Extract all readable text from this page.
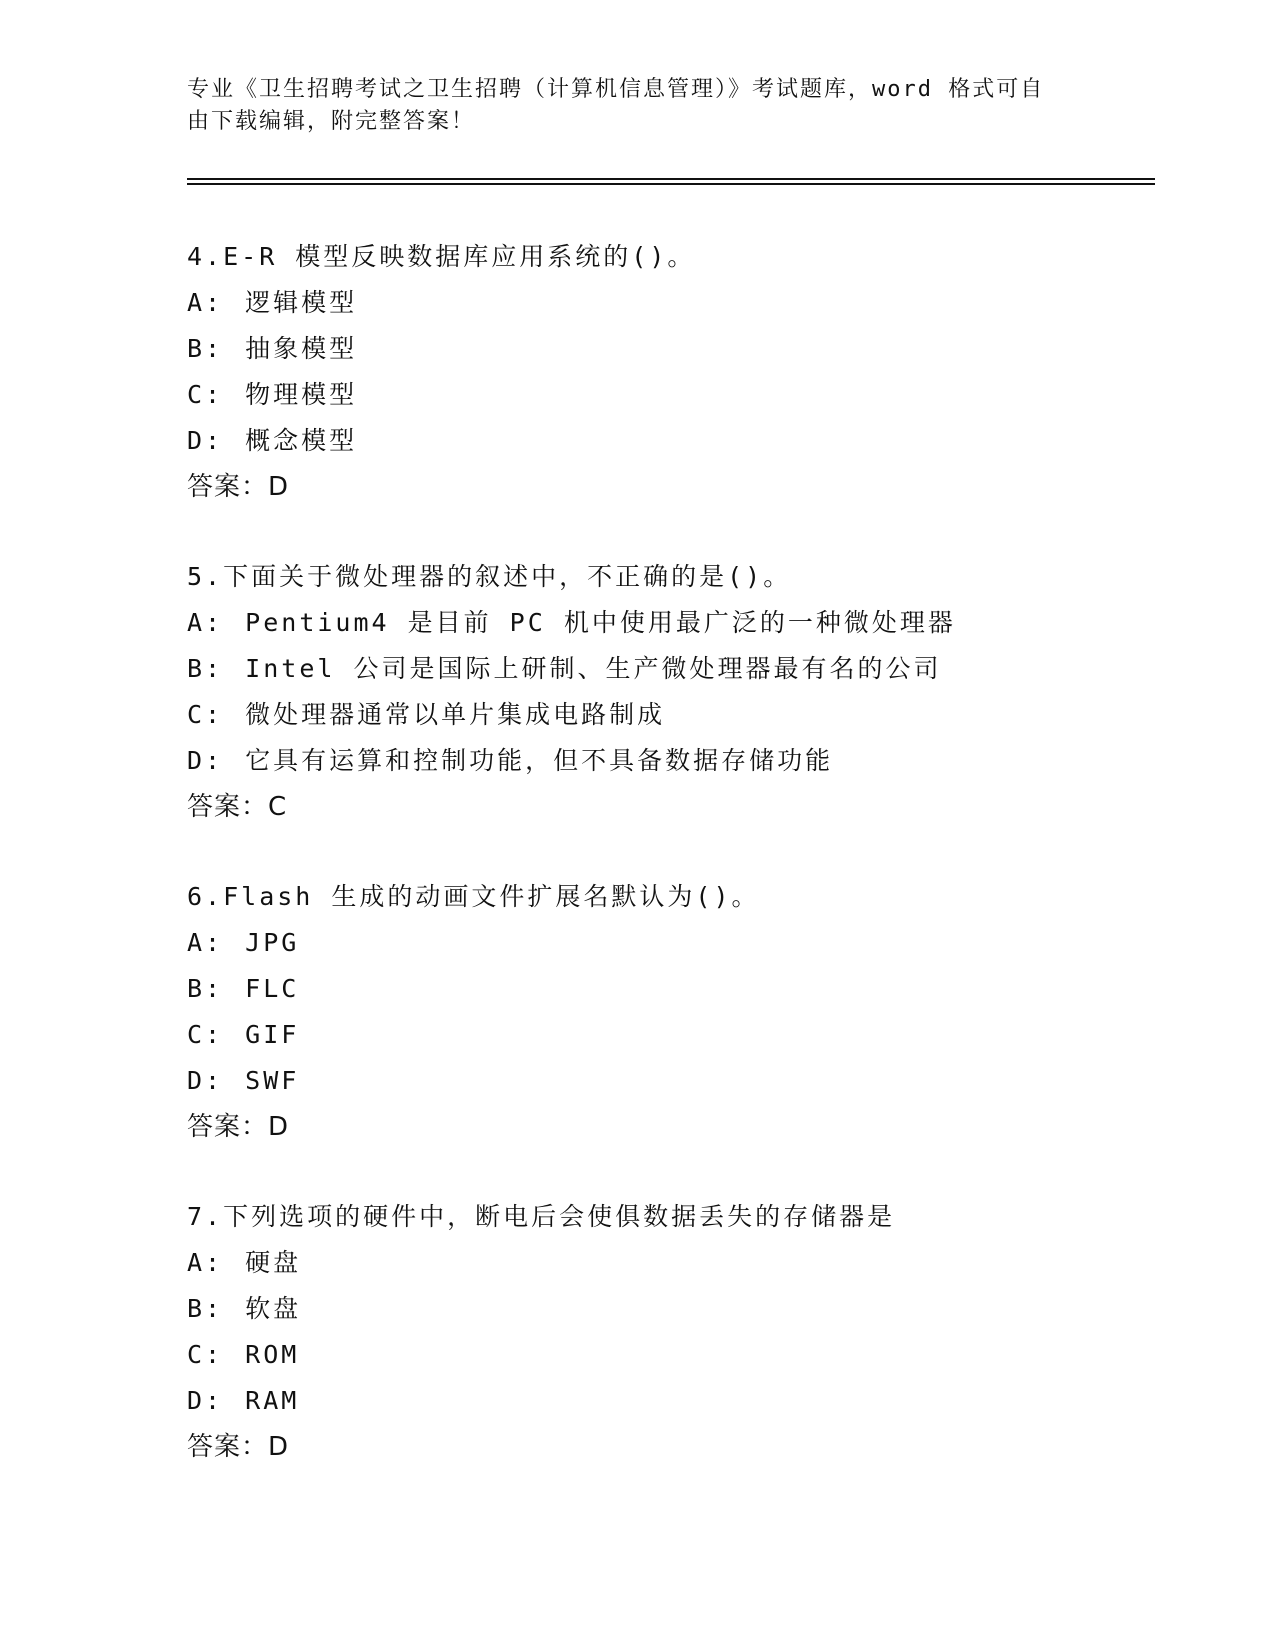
专业《卫生招聘考试之卫生招聘（计算机信息管理）》考试题库，word 格式可自由下载编辑，附完整答案！
4.E-R 模型反映数据库应用系统的()。
A: 逻辑模型
B: 抽象模型
C: 物理模型
D: 概念模型
答案：D
5.下面关于微处理器的叙述中，不正确的是()。
A: Pentium4 是目前 PC 机中使用最广泛的一种微处理器
B: Intel 公司是国际上研制、生产微处理器最有名的公司
C: 微处理器通常以单片集成电路制成
D: 它具有运算和控制功能，但不具备数据存储功能
答案：C
6.Flash 生成的动画文件扩展名默认为()。
A: JPG
B: FLC
C: GIF
D: SWF
答案：D
7.下列选项的硬件中，断电后会使俱数据丢失的存储器是
A: 硬盘
B: 软盘
C: ROM
D: RAM
答案：D
